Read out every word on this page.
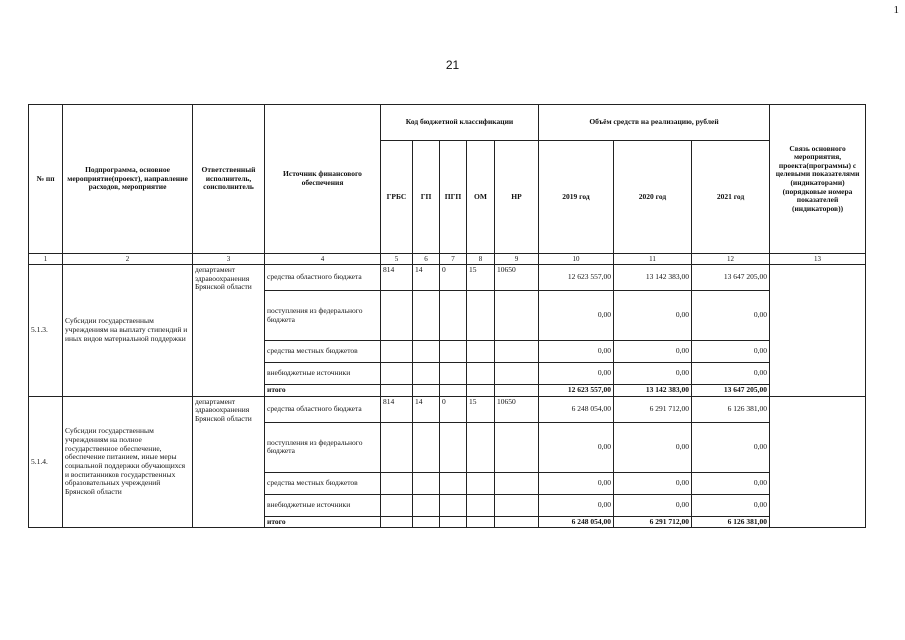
1
21
№ пп	Подпрограмма, основное мероприятие(проект), направление расходов, мероприятие	Ответственный исполнитель, соисполнитель	Источник финансового обеспечения	Код бюджетной классификации					Объём средств на реализацию, рублей			Связь основного мероприятия, проекта(программы) с целевыми показателями (индикаторами) (порядковые номера показателей (индикаторов))
				ГРБС	ГП	ПГП	ОМ	НР	2019 год	2020 год	2021 год	
1	2	3	4	5	6	7	8	9	10	11	12	13
5.1.3.	Субсидии государственным учреждениям на выплату стипендий и иных видов материальной поддержки	департамент здравоохранения Брянской области	средства областного бюджета	814	14	0	15	10650	12 623 557,00	13 142 383,00	13 647 205,00	
			поступления из федерального бюджета						0,00	0,00	0,00	
			средства местных бюджетов						0,00	0,00	0,00	
			внебюджетные источники						0,00	0,00	0,00	
			итого						12 623 557,00	13 142 383,00	13 647 205,00	
5.1.4.	Субсидии государственным учреждениям на полное государственное обеспечение, обеспечение питанием, иные меры социальной поддержки обучающихся и воспитанников государственных образовательных учреждений Брянской области	департамент здравоохранения Брянской области	средства областного бюджета	814	14	0	15	10650	6 248 054,00	6 291 712,00	6 126 381,00	
			поступления из федерального бюджета						0,00	0,00	0,00	
			средства местных бюджетов						0,00	0,00	0,00	
			внебюджетные источники						0,00	0,00	0,00	
			итого						6 248 054,00	6 291 712,00	6 126 381,00	
